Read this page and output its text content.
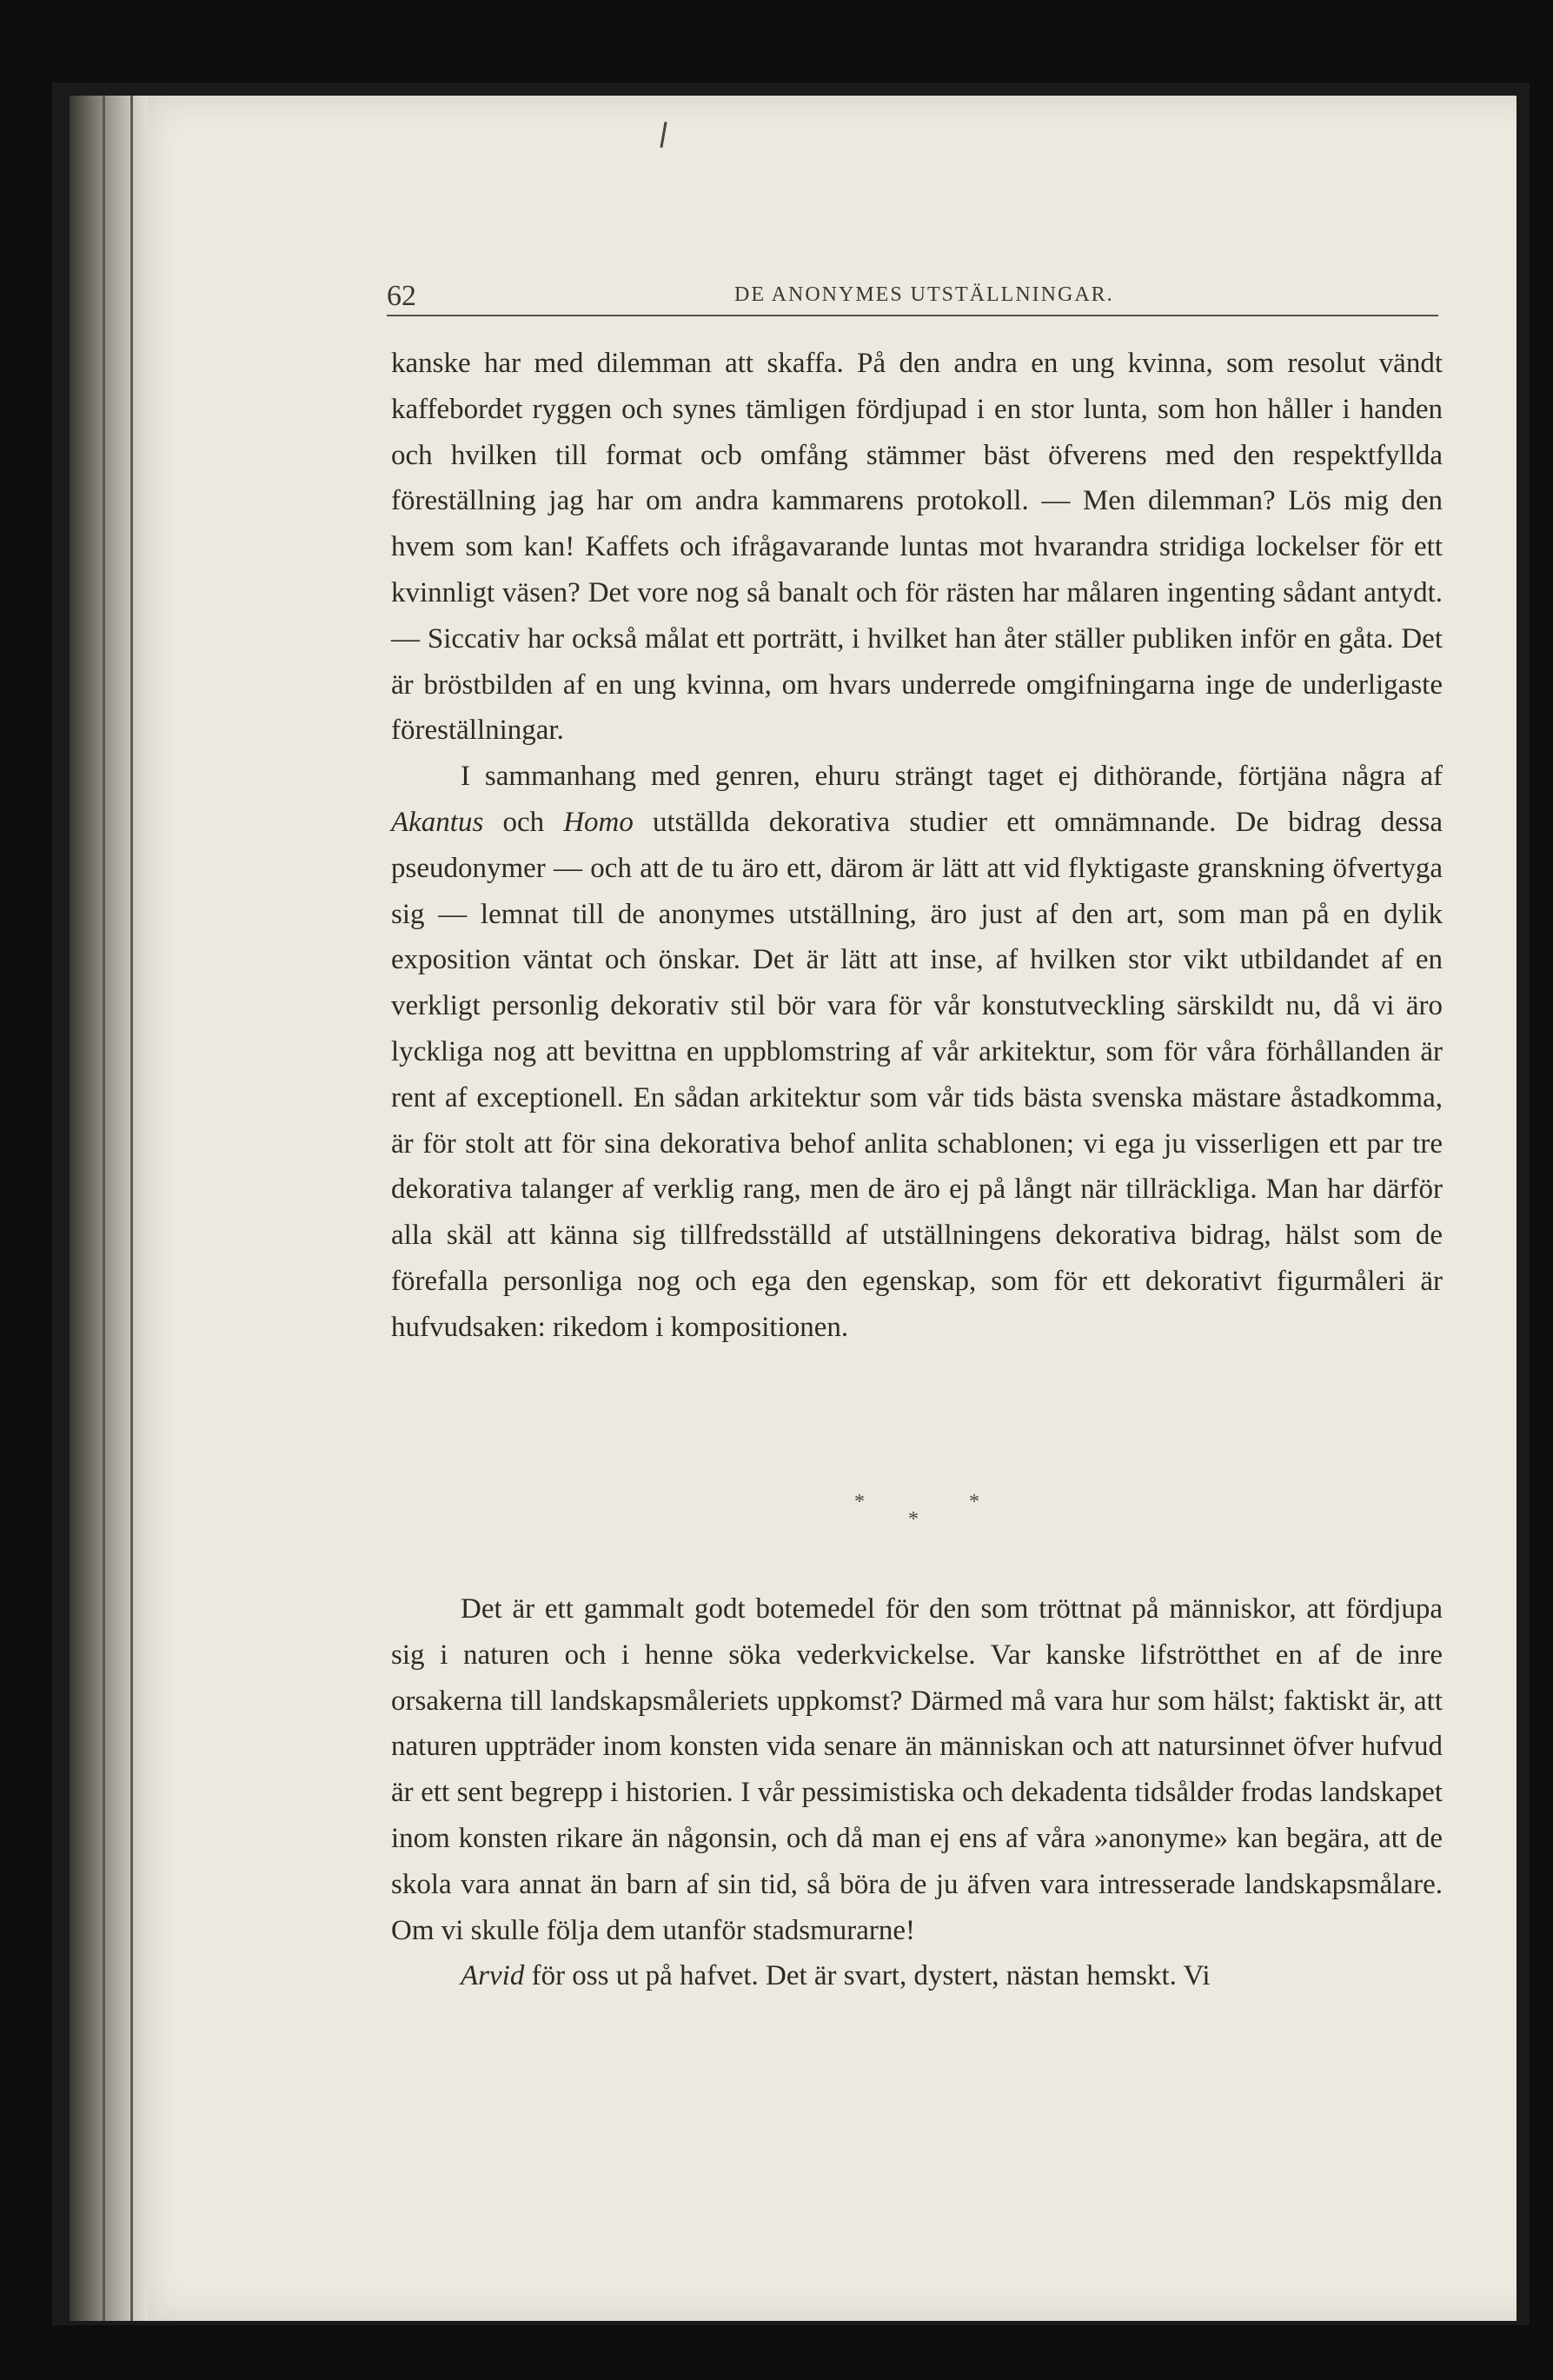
62	DE ANONYMES UTSTÄLLNINGAR.

kanske har med dilemman att skaffa. På den andra en ung kvinna, som resolut vändt kaffebordet ryggen och synes tämligen fördjupad i en stor lunta, som hon håller i handen och hvilken till format ocb omfång stämmer bäst öfverens med den respektfyllda föreställning jag har om andra kammarens protokoll. — Men dilemman? Lös mig den hvem som kan! Kaffets och ifrågavarande luntas mot hvarandra stridiga lockelser för ett kvinnligt väsen? Det vore nog så banalt och för rästen har målaren ingenting sådant antydt. — Siccativ har också målat ett porträtt, i hvilket han åter ställer publiken inför en gåta. Det är bröstbilden af en ung kvinna, om hvars underrede omgifningarna inge de underligaste föreställningar.

I sammanhang med genren, ehuru strängt taget ej dithörande, förtjäna några af Akantus och Homo utställda dekorativa studier ett omnämnande. De bidrag dessa pseudonymer — och att de tu äro ett, därom är lätt att vid flyktigaste granskning öfvertyga sig — lemnat till de anonymes utställning, äro just af den art, som man på en dylik exposition väntat och önskar. Det är lätt att inse, af hvilken stor vikt utbildandet af en verkligt personlig dekorativ stil bör vara för vår konstutveckling särskildt nu, då vi äro lyckliga nog att bevittna en uppblomstring af vår arkitektur, som för våra förhållanden är rent af exceptionell. En sådan arkitektur som vår tids bästa svenska mästare åstadkomma, är för stolt att för sina dekorativa behof anlita schablonen; vi ega ju visserligen ett par tre dekorativa talanger af verklig rang, men de äro ej på långt när tillräckliga. Man har därför alla skäl att känna sig tillfredsställd af utställningens dekorativa bidrag, hälst som de förefalla personliga nog och ega den egenskap, som för ett dekorativt figurmåleri är hufvudsaken: rikedom i kompositionen.

*
*
*

Det är ett gammalt godt botemedel för den som tröttnat på människor, att fördjupa sig i naturen och i henne söka vederkvickelse. Var kanske lifströtthet en af de inre orsakerna till landskapsmåleriets uppkomst? Därmed må vara hur som hälst; faktiskt är, att naturen uppträder inom konsten vida senare än människan och att natursinnet öfver hufvud är ett sent begrepp i historien. I vår pessimistiska och dekadenta tidsålder frodas landskapet inom konsten rikare än någonsin, och då man ej ens af våra »anonyme» kan begära, att de skola vara annat än barn af sin tid, så böra de ju äfven vara intresserade landskapsmålare. Om vi skulle följa dem utanför stadsmurarne!

Arvid för oss ut på hafvet. Det är svart, dystert, nästan hemskt. Vi
